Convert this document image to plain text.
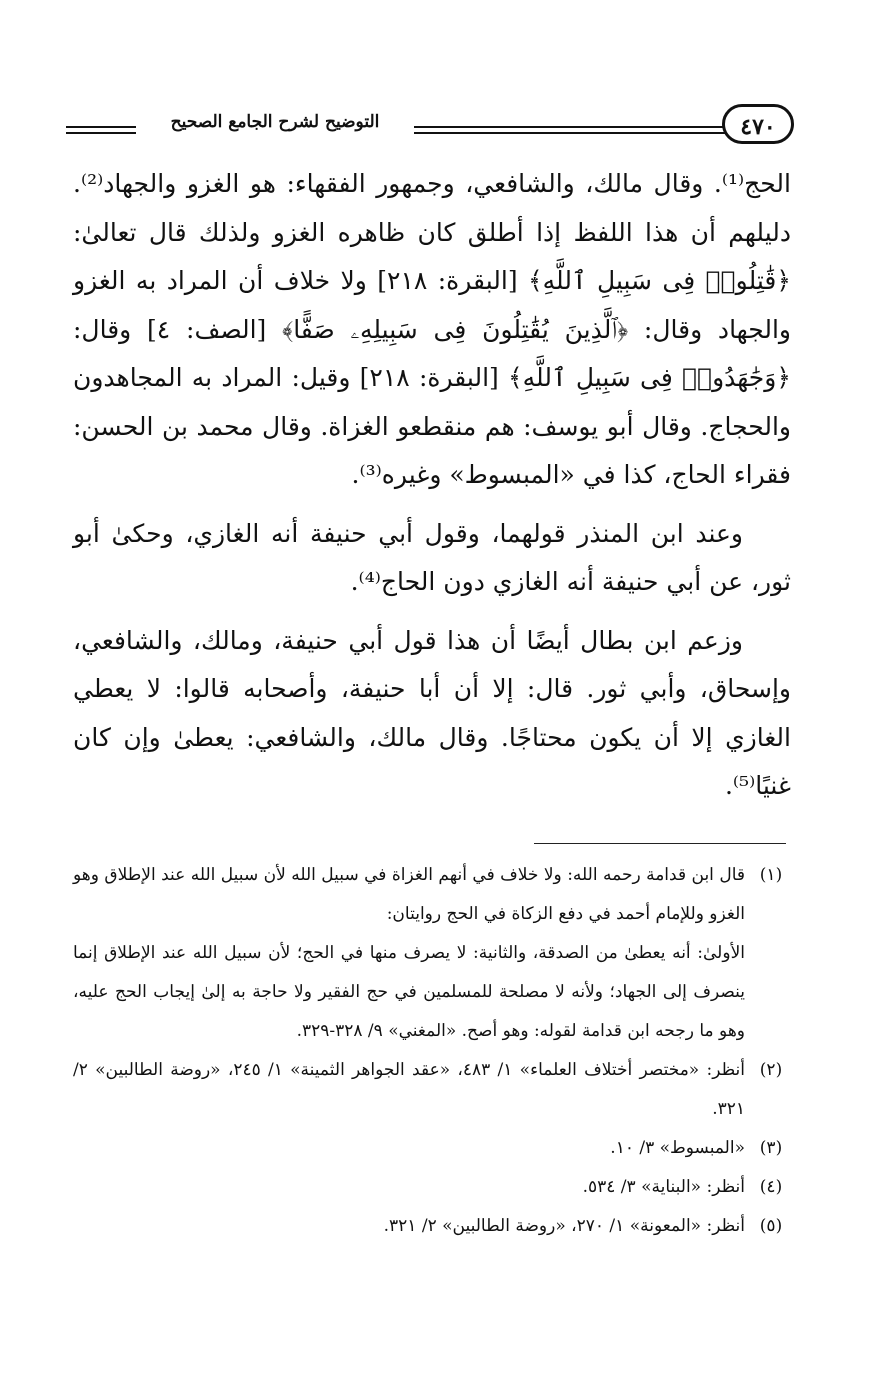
التوضيح لشرح الجامع الصحيح	٤٧٠

الحج⁽¹⁾. وقال مالك، والشافعي، وجمهور الفقهاء: هو الغزو والجهاد⁽²⁾. دليلهم أن هذا اللفظ إذا أطلق كان ظاهره الغزو ولذلك قال تعالىٰ: ﴿قَٰتِلُوا۟ فِى سَبِيلِ ٱللَّهِ﴾ [البقرة: ٢١٨] ولا خلاف أن المراد به الغزو والجهاد وقال: ﴿ٱلَّذِينَ يُقَٰتِلُونَ فِى سَبِيلِهِۦ صَفًّا﴾ [الصف: ٤] وقال: ﴿وَجَٰهَدُوا۟ فِى سَبِيلِ ٱللَّهِ﴾ [البقرة: ٢١٨] وقيل: المراد به المجاهدون والحجاج. وقال أبو يوسف: هم منقطعو الغزاة. وقال محمد بن الحسن: فقراء الحاج، كذا في «المبسوط» وغيره⁽³⁾.

وعند ابن المنذر قولهما، وقول أبي حنيفة أنه الغازي، وحكىٰ أبو ثور، عن أبي حنيفة أنه الغازي دون الحاج⁽⁴⁾.

وزعم ابن بطال أيضًا أن هذا قول أبي حنيفة، ومالك، والشافعي، وإسحاق، وأبي ثور. قال: إلا أن أبا حنيفة، وأصحابه قالوا: لا يعطي الغازي إلا أن يكون محتاجًا. وقال مالك، والشافعي: يعطىٰ وإن كان غنيًا⁽⁵⁾.

(١)
قال ابن قدامة رحمه الله: ولا خلاف في أنهم الغزاة في سبيل الله لأن سبيل الله عند الإطلاق وهو الغزو وللإمام أحمد في دفع الزكاة في الحج روايتان:
الأولىٰ: أنه يعطىٰ من الصدقة، والثانية: لا يصرف منها في الحج؛ لأن سبيل الله عند الإطلاق إنما ينصرف إلى الجهاد؛ ولأنه لا مصلحة للمسلمين في حج الفقير ولا حاجة به إلىٰ إيجاب الحج عليه، وهو ما رجحه ابن قدامة لقوله: وهو أصح. «المغني» ٩/ ٣٢٨-٣٢٩.
(٢)
أنظر: «مختصر أختلاف العلماء» ١/ ٤٨٣، «عقد الجواهر الثمينة» ١/ ٢٤٥، «روضة الطالبين» ٢/ ٣٢١.
(٣)
«المبسوط» ٣/ ١٠.
(٤)
أنظر: «البناية» ٣/ ٥٣٤.
(٥)
أنظر: «المعونة» ١/ ٢٧٠، «روضة الطالبين» ٢/ ٣٢١.
